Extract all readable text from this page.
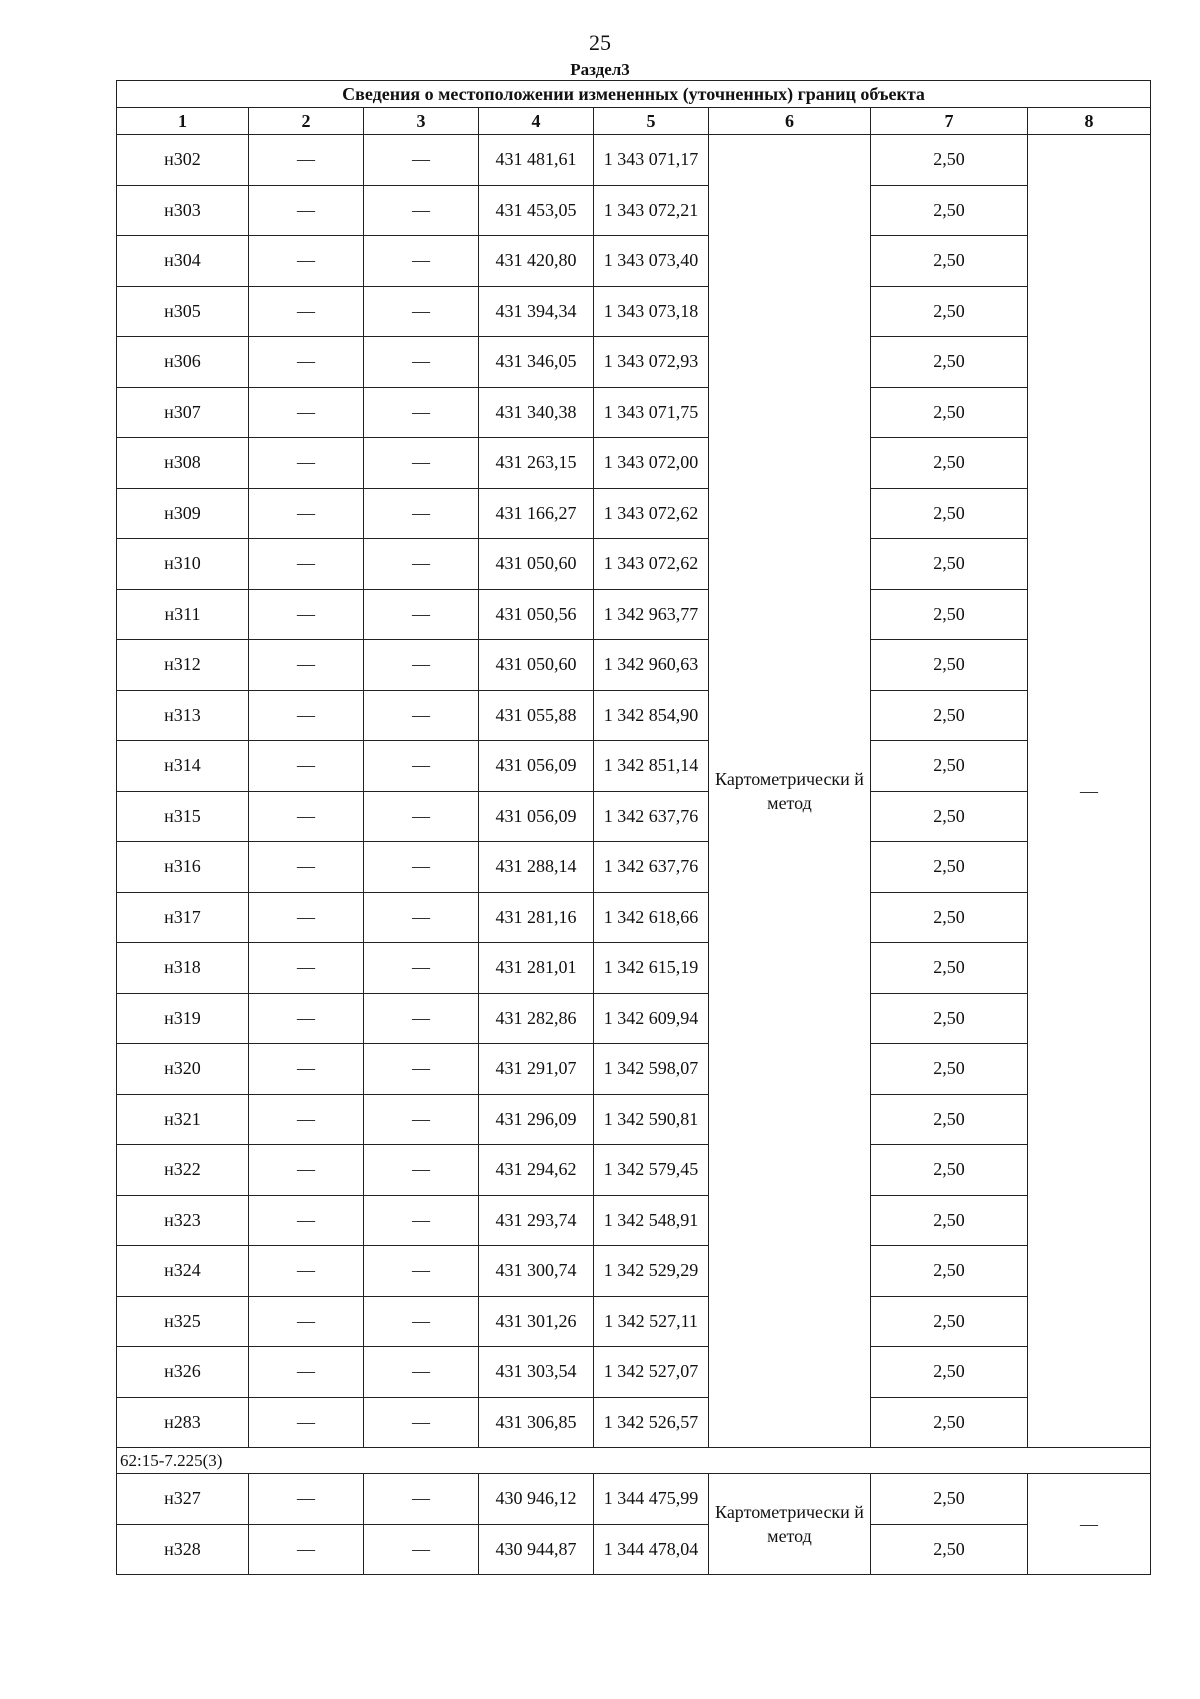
25
Раздел3
Сведения о местоположении измененных (уточненных) границ объекта							
1	2	3	4	5	6	7	8
н302	—	—	431 481,61	1 343 071,17	Картометрически й метод	2,50	—
н303	—	—	431 453,05	1 343 072,21		2,50	
н304	—	—	431 420,80	1 343 073,40		2,50	
н305	—	—	431 394,34	1 343 073,18		2,50	
н306	—	—	431 346,05	1 343 072,93		2,50	
н307	—	—	431 340,38	1 343 071,75		2,50	
н308	—	—	431 263,15	1 343 072,00		2,50	
н309	—	—	431 166,27	1 343 072,62		2,50	
н310	—	—	431 050,60	1 343 072,62		2,50	
н311	—	—	431 050,56	1 342 963,77		2,50	
н312	—	—	431 050,60	1 342 960,63		2,50	
н313	—	—	431 055,88	1 342 854,90		2,50	
н314	—	—	431 056,09	1 342 851,14		2,50	
н315	—	—	431 056,09	1 342 637,76		2,50	
н316	—	—	431 288,14	1 342 637,76		2,50	
н317	—	—	431 281,16	1 342 618,66		2,50	
н318	—	—	431 281,01	1 342 615,19		2,50	
н319	—	—	431 282,86	1 342 609,94		2,50	
н320	—	—	431 291,07	1 342 598,07		2,50	
н321	—	—	431 296,09	1 342 590,81		2,50	
н322	—	—	431 294,62	1 342 579,45		2,50	
н323	—	—	431 293,74	1 342 548,91		2,50	
н324	—	—	431 300,74	1 342 529,29		2,50	
н325	—	—	431 301,26	1 342 527,11		2,50	
н326	—	—	431 303,54	1 342 527,07		2,50	
н283	—	—	431 306,85	1 342 526,57		2,50	
62:15-7.225(3)							
н327	—	—	430 946,12	1 344 475,99	Картометрически й метод	2,50	—
н328	—	—	430 944,87	1 344 478,04		2,50	
